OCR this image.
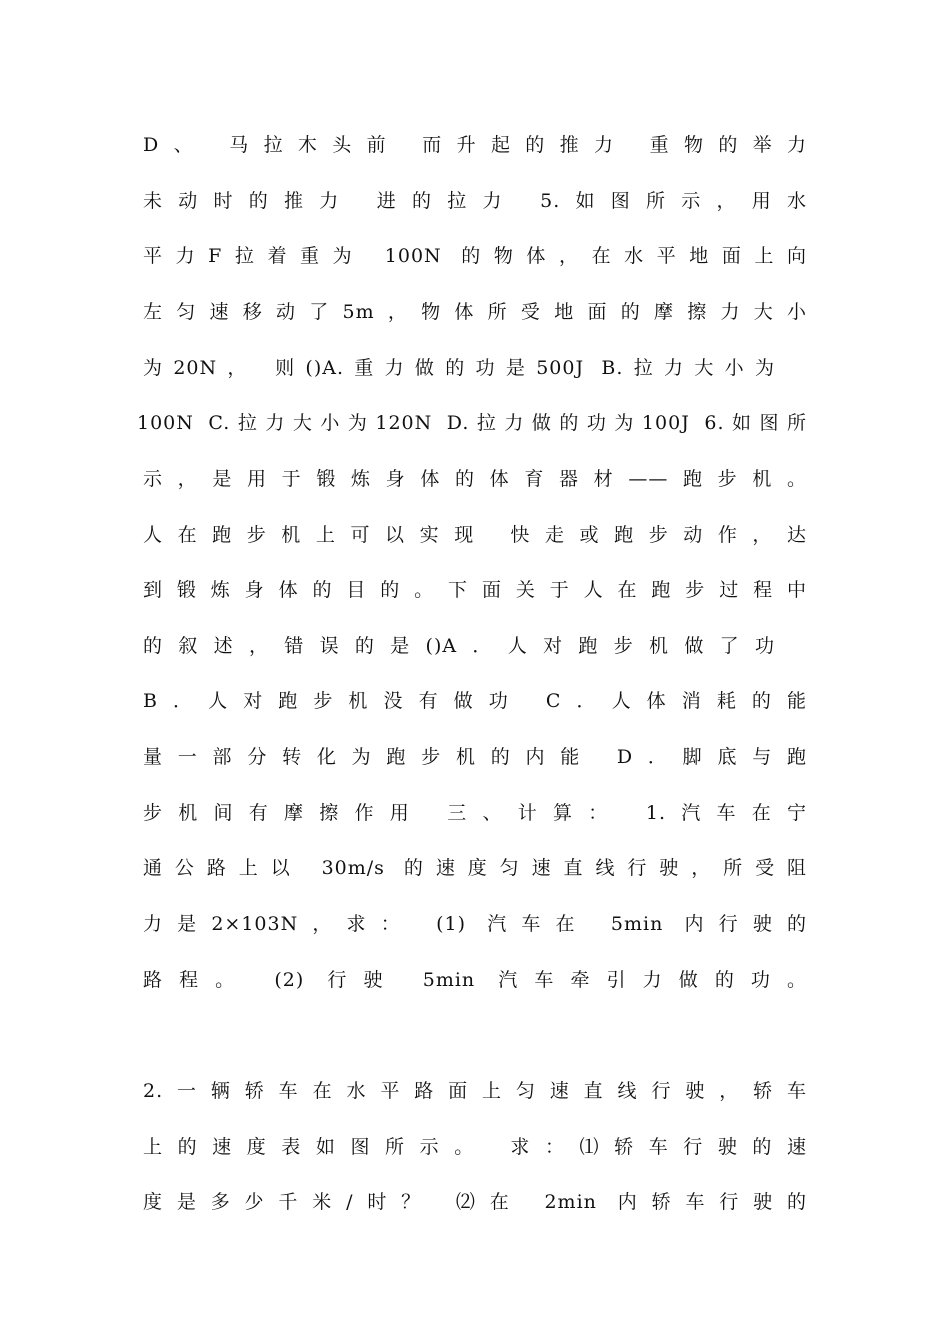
D、 马拉木头前 而升起的推力 重物的举力
未动时的推力 进的拉力 5.如图所示，用水
平力F拉着重为 100N 的物体，在水平地面上向
左匀速移动了5m，物体所受地面的摩擦力大小
为20N， 则()A.重力做的功是500J B.拉力大小为
100N C.拉力大小为120N D.拉力做的功为100J 6.如图所
示，是用于锻炼身体的体育器材——跑步机。
人在跑步机上可以实现 快走或跑步动作，达
到锻炼身体的目的。下面关于人在跑步过程中
的叙述，错误的是()A．人对跑步机做了功
B．人对跑步机没有做功 C．人体消耗的能
量一部分转化为跑步机的内能 D．脚底与跑
步机间有摩擦作用 三、计算： 1.汽车在宁
通公路上以 30m/s 的速度匀速直线行驶，所受阻
力是2×103N，求： (1) 汽车在 5min 内行驶的
路程。 (2) 行驶 5min 汽车牵引力做的功。
2.一辆轿车在水平路面上匀速直线行驶，轿车
上的速度表如图所示。 求：⑴轿车行驶的速
度是多少千米/时？ ⑵在 2min 内轿车行驶的
